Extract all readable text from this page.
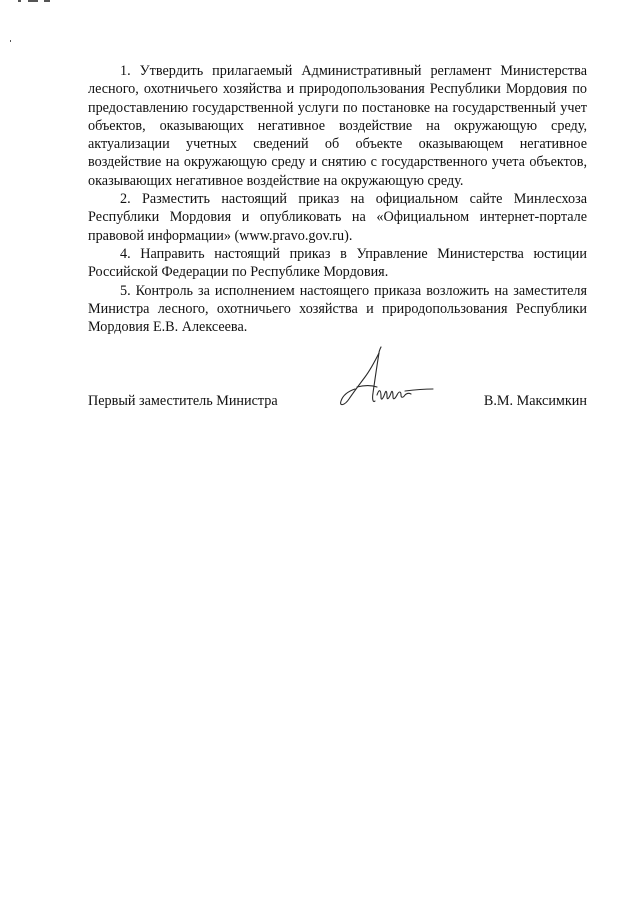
1. Утвердить прилагаемый Административный регламент Министерства лесного, охотничьего хозяйства и природопользования Республики Мордовия по предоставлению государственной услуги по постановке на государственный учет объектов, оказывающих негативное воздействие на окружающую среду, актуализации учетных сведений об объекте оказывающем негативное воздействие на окружающую среду и снятию с государственного учета объектов, оказывающих негативное воздействие на окружающую среду.

2. Разместить настоящий приказ на официальном сайте Минлесхоза Республики Мордовия и опубликовать на «Официальном интернет-портале правовой информации» (www.pravo.gov.ru).

4. Направить настоящий приказ в Управление Министерства юстиции Российской Федерации по Республике Мордовия.

5. Контроль за исполнением настоящего приказа возложить на заместителя Министра лесного, охотничьего хозяйства и природопользования Республики Мордовия Е.В. Алексеева.

Первый заместитель Министра	В.М. Максимкин
